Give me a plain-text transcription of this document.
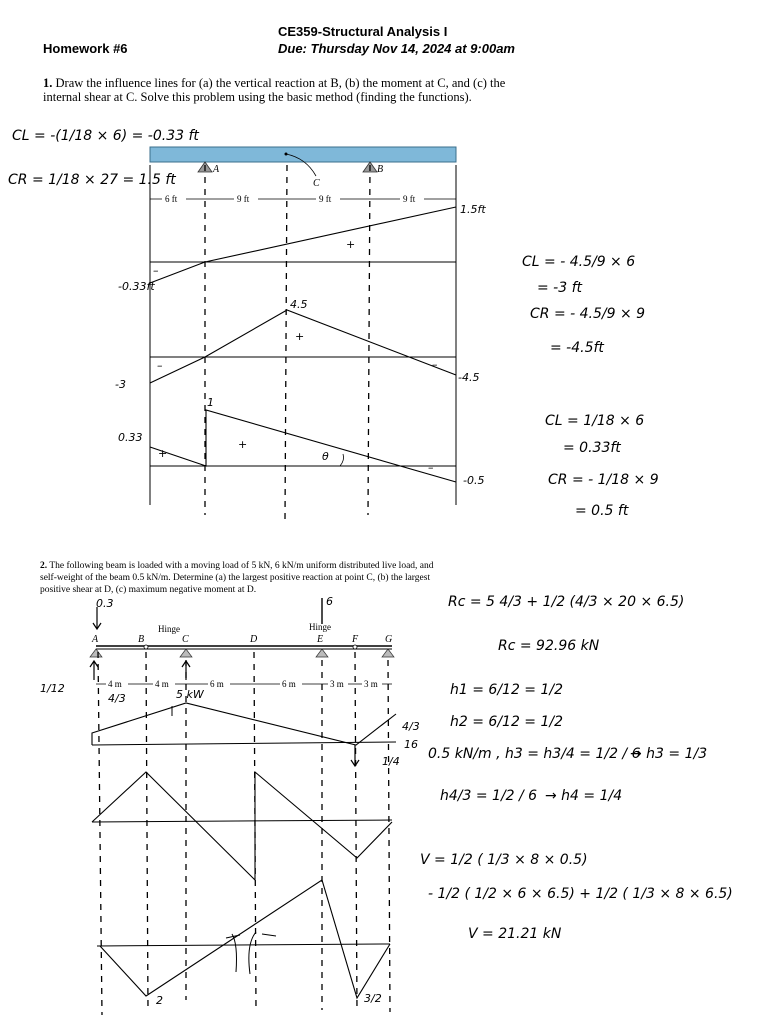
CE359-Structural Analysis I
Homework #6	Due: Thursday Nov 14, 2024 at 9:00am
1. Draw the influence lines for (a) the vertical reaction at B, (b) the moment at C, and (c) the internal shear at C. Solve this problem using the basic method (finding the functions).
2. The following beam is loaded with a moving load of 5 kN, 6 kN/m uniform distributed live load, and self-weight of the beam 0.5 kN/m. Determine (a) the largest positive reaction at point C, (b) the largest positive shear at D, (c) maximum negative moment at D.
A
C
B
6 ft	9 ft	9 ft	9 ft
A	B	C	D	E	F	G
Hinge	Hinge
4 m	4 m	6 m	6 m	3 m 3 m
CL = -(1/18 × 6) = -0.33 ft
CR = 1/18 × 27 = 1.5 ft
1.5ft
-0.33ft
4.5
-3
-4.5
1
0.33
-0.5
θ
+
+
+
+
–
–	–
–
CL = - 4.5/9 × 6
= -3 ft
CR = - 4.5/9 × 9
= -4.5ft
CL = 1/18 × 6
= 0.33ft
CR = - 1/18 × 9
= 0.5 ft
0.3	6
1/12
4/3	5 kW
4/3
16
1/4
2	3/2
Rc = 5 4/3 + 1/2 (4/3 × 20 × 6.5)
Rc = 92.96 kN
h1 = 6/12 = 1/2
h2 = 6/12 = 1/2
0.5 kN/m , h3 = h3/4 = 1/2 / 6
→ h3 = 1/3
h4/3 = 1/2 / 6 → h4 = 1/4
V = 1/2 ( 1/3 × 8 × 0.5)
- 1/2 ( 1/2 × 6 × 6.5) + 1/2 ( 1/3 × 8 × 6.5)
V = 21.21 kN
